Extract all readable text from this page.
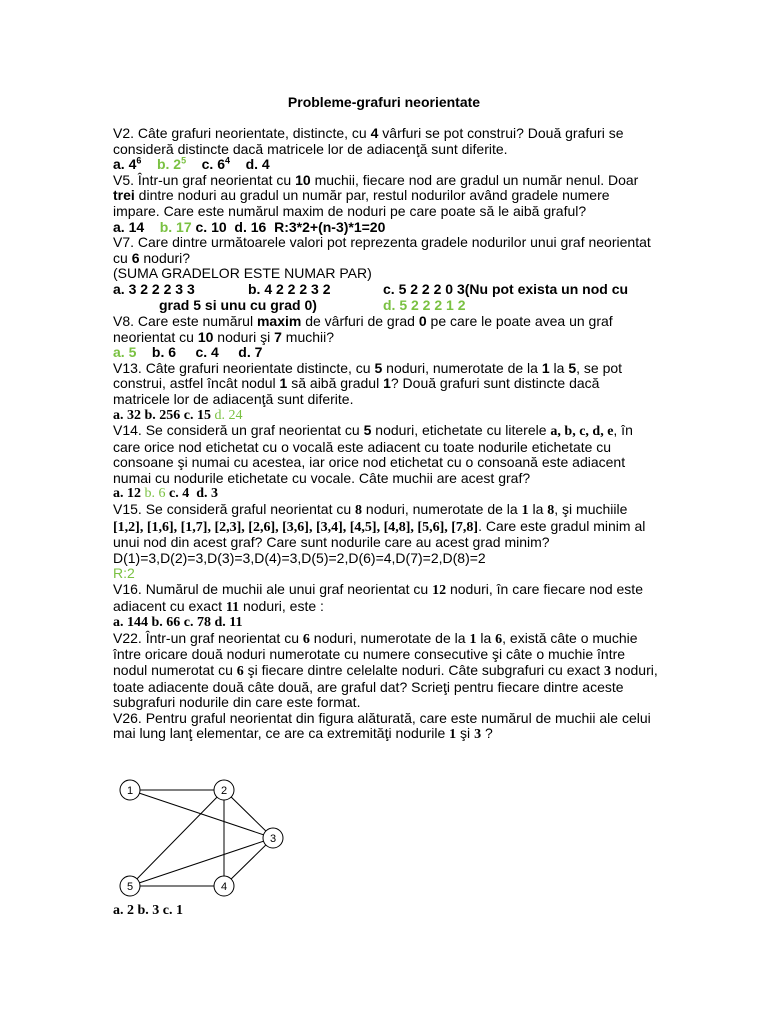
Probleme-grafuri neorientate

V2. Câte grafuri neorientate, distincte, cu 4 vârfuri se pot construi? Două grafuri se consideră distincte dacă matricele lor de adiacenţă sunt diferite.

a. $4^6$ b. $2^5$ c. $6^4$ d. 4

V5. Într-un graf neorientat cu 10 muchii, fiecare nod are gradul un număr nenul. Doar trei dintre noduri au gradul un număr par, restul nodurilor având gradele numere impare. Care este numărul maxim de noduri pe care poate să le aibă graful?

a. 14 b. 17 c. 10  d. 16  R:3*2+(n-3)*1=20

V7. Care dintre următoarele valori pot reprezenta gradele nodurilor unui graf neorientat cu 6 noduri?

(SUMA GRADELOR ESTE NUMAR PAR)

a. 3 2 2 2 3 3	b. 4 2 2 2 3 2	c. 5 2 2 2 0 3(Nu pot exista un nod cu
grad 5 si unu cu grad 0)	d. 5 2 2 2 1 2

V8. Care este numărul maxim de vârfuri de grad 0 pe care le poate avea un graf neorientat cu 10 noduri şi 7 muchii?

a. 5    b. 6     c. 4     d. 7

V13. Câte grafuri neorientate distincte, cu 5 noduri, numerotate de la 1 la 5, se pot construi, astfel încât nodul 1 să aibă gradul 1? Două grafuri sunt distincte dacă matricele lor de adiacenţă sunt diferite.

a. 32 b. 256 c. 15 d. 24

V14. Se consideră un graf neorientat cu 5 noduri, etichetate cu literele a, b, c, d, e, în care orice nod etichetat cu o vocală este adiacent cu toate nodurile etichetate cu consoane şi numai cu acestea, iar orice nod etichetat cu o consoană este adiacent numai cu nodurile etichetate cu vocale. Câte muchii are acest graf?

a. 12 b. 6 c. 4  d. 3

V15. Se consideră graful neorientat cu 8 noduri, numerotate de la 1 la 8, şi muchiile [1,2], [1,6], [1,7], [2,3], [2,6], [3,6], [3,4], [4,5], [4,8], [5,6], [7,8]. Care este gradul minim al unui nod din acest graf? Care sunt nodurile care au acest grad minim?

D(1)=3,D(2)=3,D(3)=3,D(4)=3,D(5)=2,D(6)=4,D(7)=2,D(8)=2

R:2

V16. Numărul de muchii ale unui graf neorientat cu 12 noduri, în care fiecare nod este adiacent cu exact 11 noduri, este :

a. 144 b. 66 c. 78 d. 11

V22. Într-un graf neorientat cu 6 noduri, numerotate de la 1 la 6, există câte o muchie între oricare două noduri numerotate cu numere consecutive şi câte o muchie între nodul numerotat cu 6 şi fiecare dintre celelalte noduri. Câte subgrafuri cu exact 3 noduri, toate adiacente două câte două, are graful dat? Scrieţi pentru fiecare dintre aceste subgrafuri nodurile din care este format.

V26. Pentru graful neorientat din figura alăturată, care este numărul de muchii ale celui mai lung lanţ elementar, ce are ca extremităţi nodurile 1 şi 3 ?

1	2
3
4
5

a. 2 b. 3 c. 1
